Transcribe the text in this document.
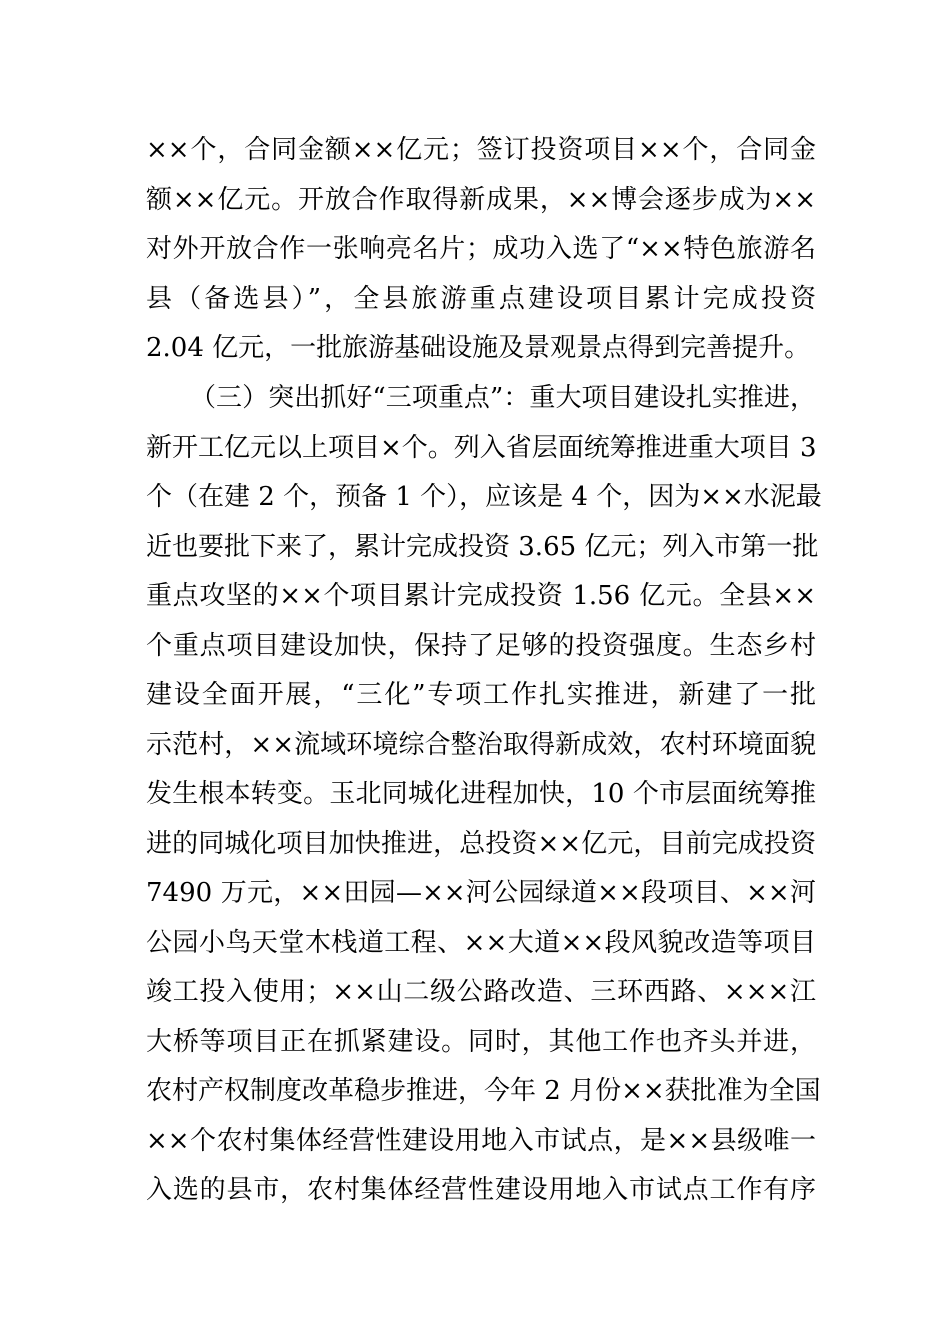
××个，合同金额××亿元；签订投资项目××个，合同金
额××亿元。开放合作取得新成果，××博会逐步成为××
对外开放合作一张响亮名片；成功入选了“××特色旅游名
县（备选县）”，全县旅游重点建设项目累计完成投资
2.04 亿元，一批旅游基础设施及景观景点得到完善提升。
（三）突出抓好“三项重点”：重大项目建设扎实推进，
新开工亿元以上项目×个。列入省层面统筹推进重大项目 3
个（在建 2 个，预备 1 个），应该是 4 个，因为××水泥最
近也要批下来了，累计完成投资 3.65 亿元；列入市第一批
重点攻坚的××个项目累计完成投资 1.56 亿元。全县××
个重点项目建设加快，保持了足够的投资强度。生态乡村
建设全面开展，“三化”专项工作扎实推进，新建了一批
示范村，××流域环境综合整治取得新成效，农村环境面貌
发生根本转变。玉北同城化进程加快，10 个市层面统筹推
进的同城化项目加快推进，总投资××亿元，目前完成投资
7490 万元，××田园—××河公园绿道××段项目、××河
公园小鸟天堂木栈道工程、××大道××段风貌改造等项目
竣工投入使用；××山二级公路改造、三环西路、×××江
大桥等项目正在抓紧建设。同时，其他工作也齐头并进，
农村产权制度改革稳步推进，今年 2 月份××获批准为全国
××个农村集体经营性建设用地入市试点，是××县级唯一
入选的县市，农村集体经营性建设用地入市试点工作有序
